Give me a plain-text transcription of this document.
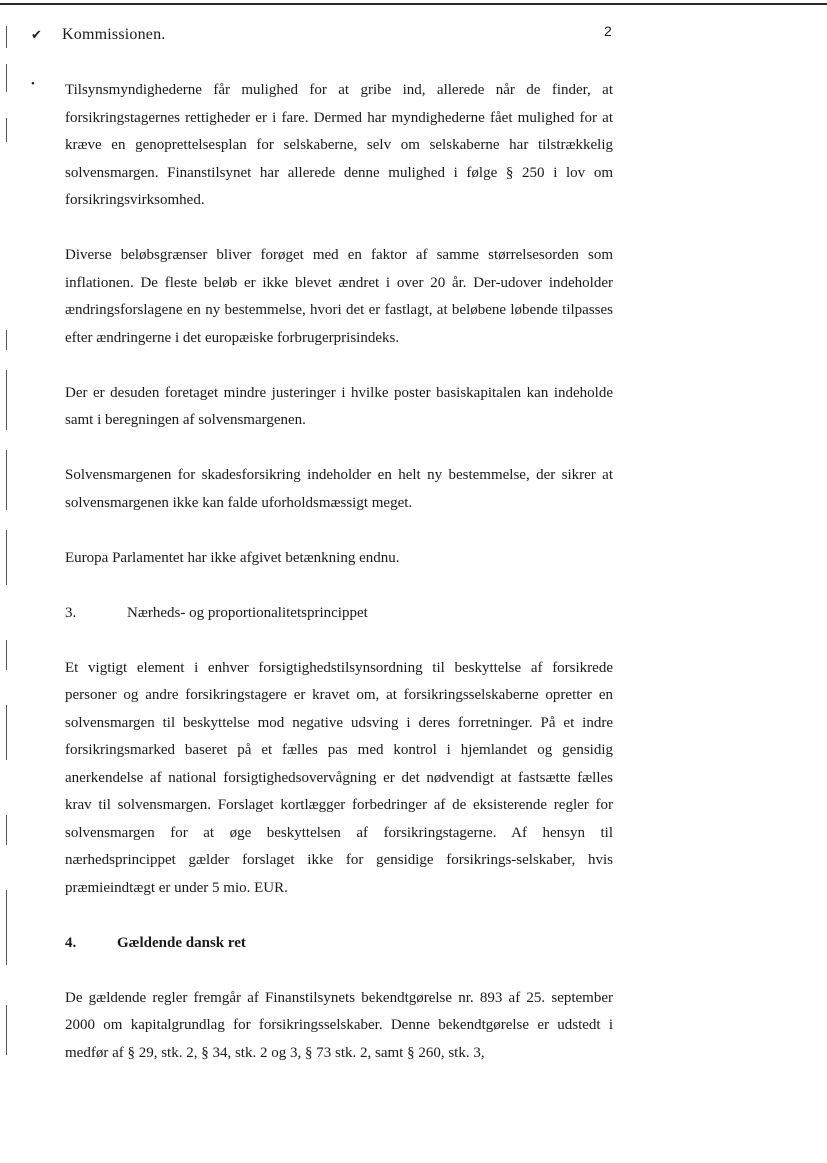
✔
•
Kommissionen.	2

Tilsynsmyndighederne får mulighed for at gribe ind, allerede når de finder, at forsikringstagernes rettigheder er i fare. Dermed har myndighederne fået mulighed for at kræve en genoprettelsesplan for selskaberne, selv om selskaberne har tilstrækkelig solvensmargen. Finanstilsynet har allerede denne mulighed i følge § 250 i lov om forsikringsvirksomhed.

Diverse beløbsgrænser bliver forøget med en faktor af samme størrelsesorden som inflationen. De fleste beløb er ikke blevet ændret i over 20 år. Der-udover indeholder ændringsforslagene en ny bestemmelse, hvori det er fastlagt, at beløbene løbende tilpasses efter ændringerne i det europæiske forbrugerprisindeks.

Der er desuden foretaget mindre justeringer i hvilke poster basiskapitalen kan indeholde samt i beregningen af solvensmargenen.

Solvensmargenen for skadesforsikring indeholder en helt ny bestemmelse, der sikrer at solvensmargenen ikke kan falde uforholdsmæssigt meget.

Europa Parlamentet har ikke afgivet betænkning endnu.

3.	Nærheds- og proportionalitetsprincippet

Et vigtigt element i enhver forsigtighedstilsynsordning til beskyttelse af forsikrede personer og andre forsikringstagere er kravet om, at forsikringsselskaberne opretter en solvensmargen til beskyttelse mod negative udsving i deres forretninger. På et indre forsikringsmarked baseret på et fælles pas med kontrol i hjemlandet og gensidig anerkendelse af national forsigtighedsovervågning er det nødvendigt at fastsætte fælles krav til solvensmargen. Forslaget kortlægger forbedringer af de eksisterende regler for solvensmargen for at øge beskyttelsen af forsikringstagerne. Af hensyn til nærhedsprincippet gælder forslaget ikke for gensidige forsikrings-selskaber, hvis præmieindtægt er under 5 mio. EUR.

4.	Gældende dansk ret

De gældende regler fremgår af Finanstilsynets bekendtgørelse nr. 893 af 25. september 2000 om kapitalgrundlag for forsikringsselskaber. Denne bekendtgørelse er udstedt i medfør af § 29, stk. 2, § 34, stk. 2 og 3, § 73 stk. 2, samt § 260, stk. 3,
